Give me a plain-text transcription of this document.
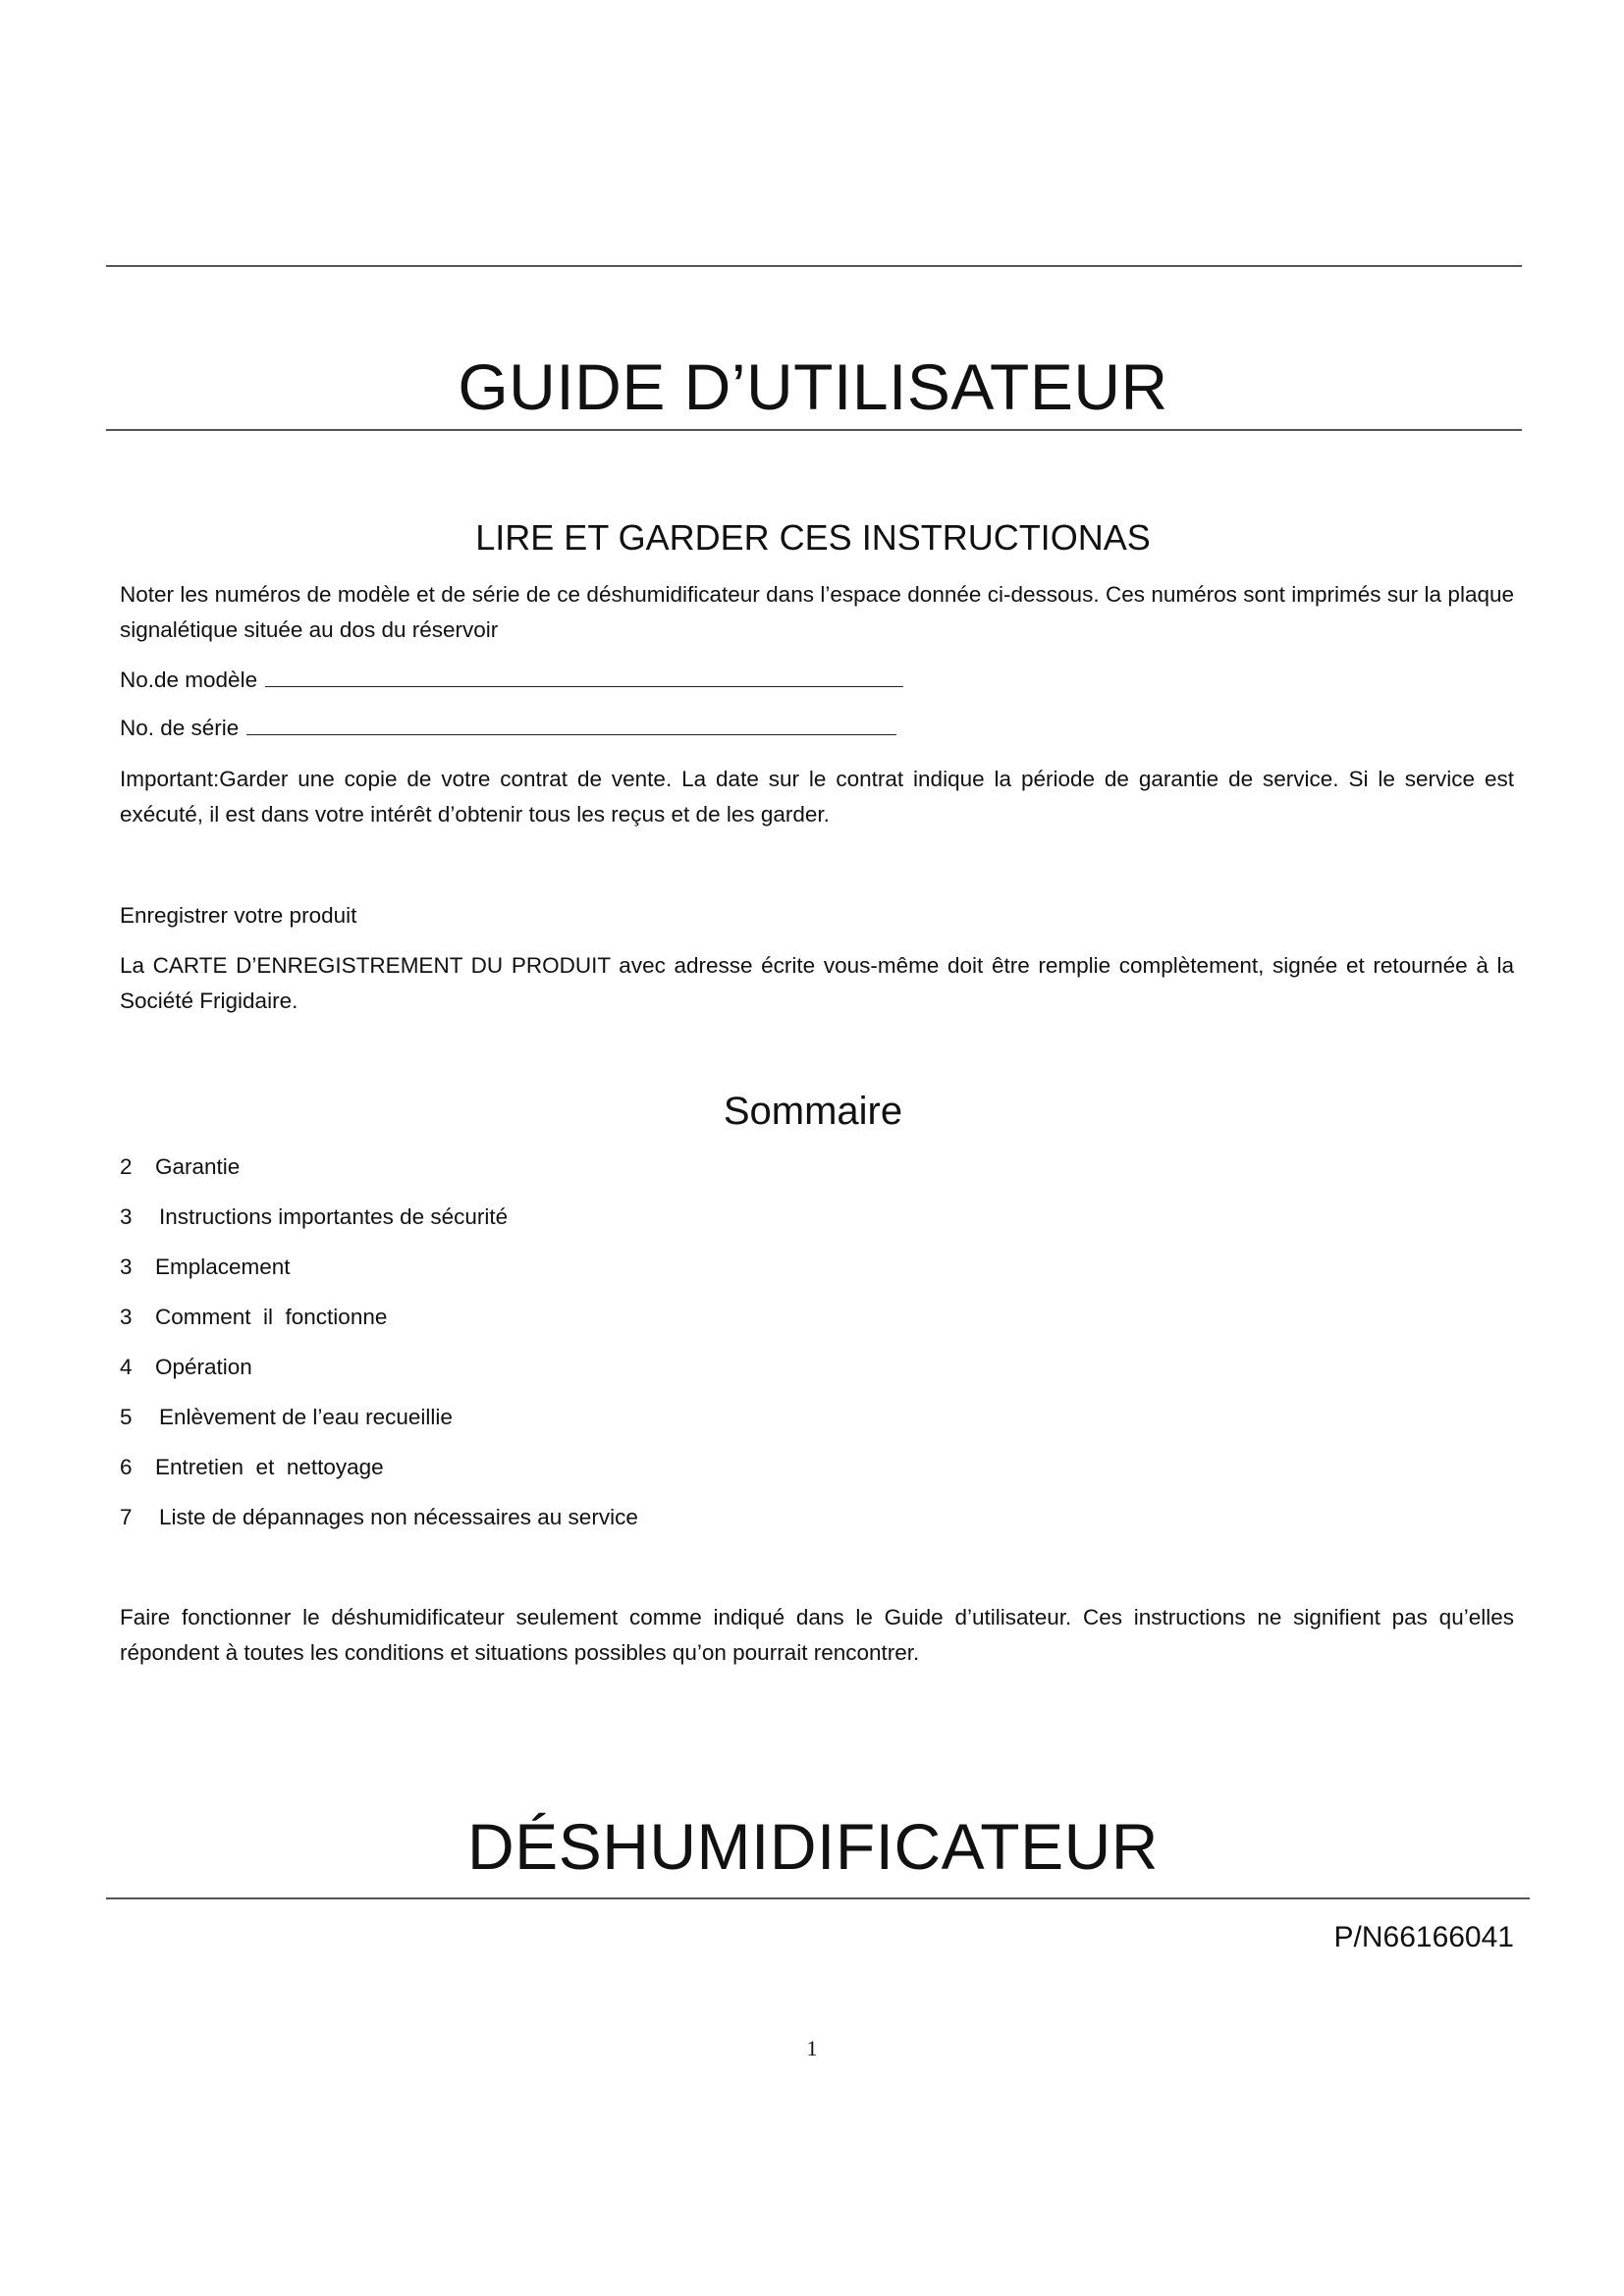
GUIDE D’UTILISATEUR
LIRE ET GARDER CES INSTRUCTIONAS
Noter les numéros de modèle et de série de ce déshumidificateur dans l’espace donnée ci-dessous. Ces numéros sont imprimés sur la plaque signalétique située au dos du réservoir
No.de modèle
No. de série
Important:Garder une copie de votre contrat de vente. La date sur le contrat indique la période de garantie de service. Si le service est exécuté, il est dans votre intérêt d’obtenir tous les reçus et de les garder.
Enregistrer votre produit
La CARTE D’ENREGISTREMENT DU PRODUIT avec adresse écrite vous-même doit être remplie complètement, signée et retournée à la Société Frigidaire.
Sommaire
2 Garantie
3 Instructions importantes de sécurité
3 Emplacement
3 Comment  il  fonctionne
4 Opération
5 Enlèvement de l’eau recueillie
6 Entretien  et  nettoyage
7 Liste de dépannages non nécessaires au service
Faire fonctionner le déshumidificateur seulement comme indiqué dans le Guide d’utilisateur. Ces instructions ne signifient pas qu’elles répondent à toutes les conditions et situations possibles qu’on pourrait rencontrer.
DÉSHUMIDIFICATEUR
P/N66166041
1
